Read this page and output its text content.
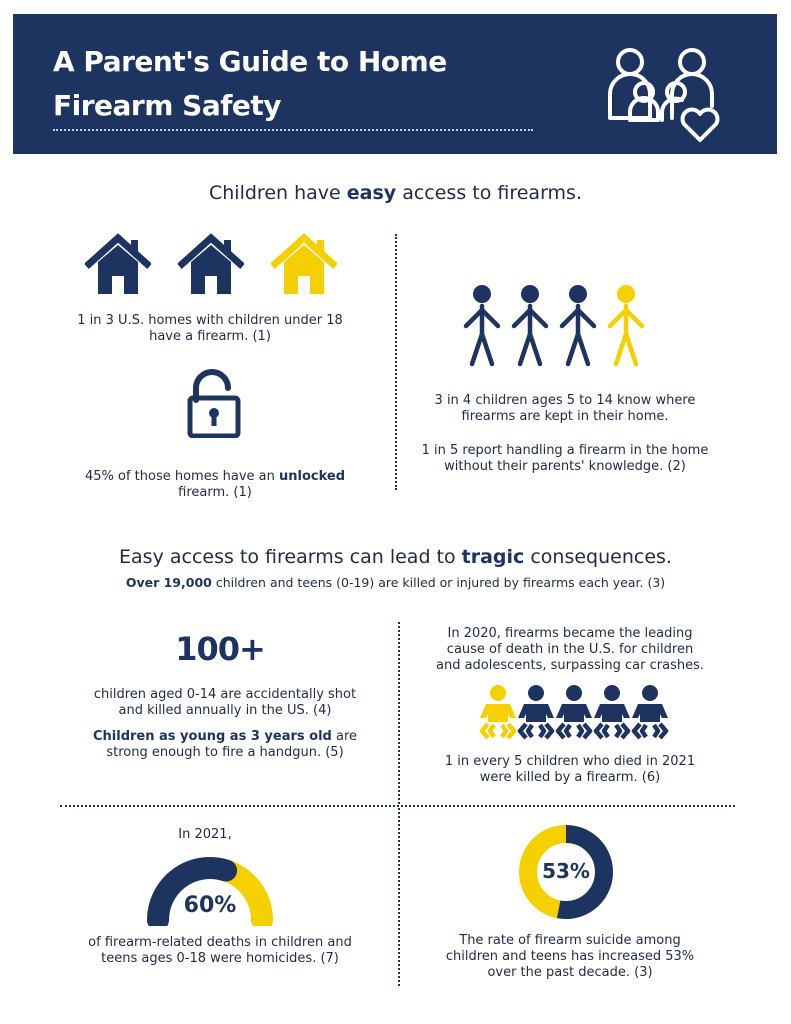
A Parent's Guide to Home
Firearm Safety
Children have easy access to firearms.
1 in 3 U.S. homes with children under 18
have a firearm. (1)
45% of those homes have an unlocked
firearm. (1)
3 in 4 children ages 5 to 14 know where
firearms are kept in their home.
1 in 5 report handling a firearm in the home
without their parents' knowledge. (2)
Easy access to firearms can lead to tragic consequences.
Over 19,000 children and teens (0-19) are killed or injured by firearms each year. (3)
100+
children aged 0-14 are accidentally shot
and killed annually in the US. (4)
Children as young as 3 years old are
strong enough to fire a handgun. (5)
In 2020, firearms became the leading
cause of death in the U.S. for children
and adolescents, surpassing car crashes.
1 in every 5 children who died in 2021
were killed by a firearm. (6)
In 2021,
60%
of firearm-related deaths in children and
teens ages 0-18 were homicides. (7)
53%
The rate of firearm suicide among
children and teens has increased 53%
over the past decade. (3)
